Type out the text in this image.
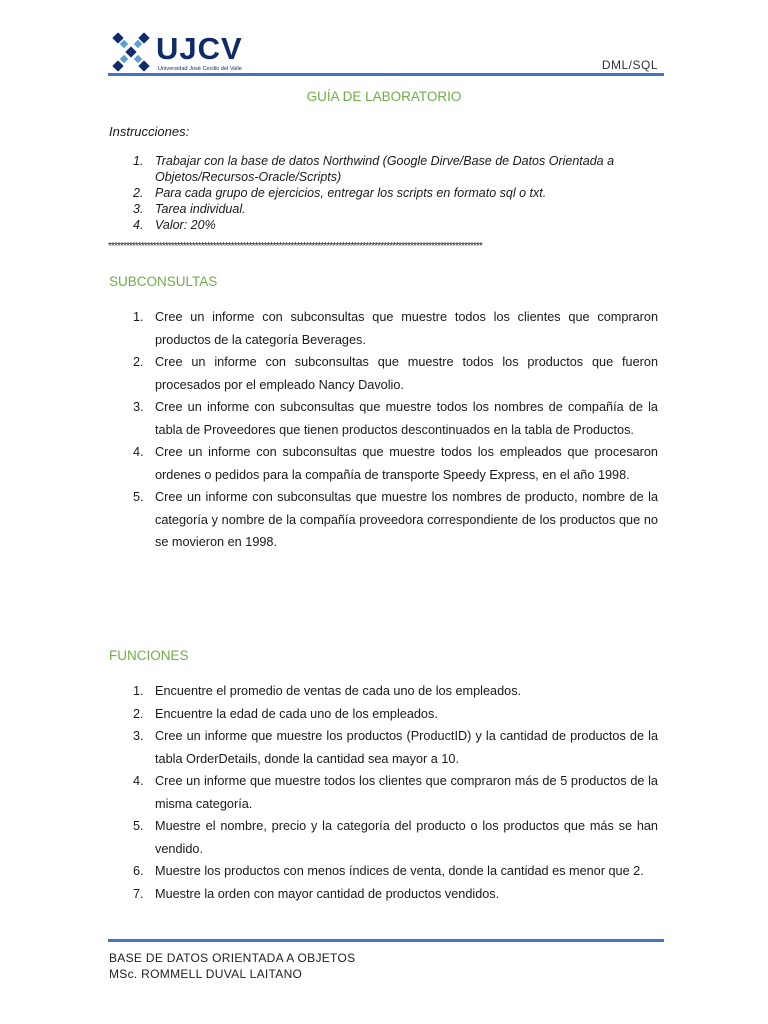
UJCV
Universidad José Cecilio del Valle	DML/SQL
GUÍA DE LABORATORIO
Instrucciones:
1. Trabajar con la base de datos Northwind (Google Dirve/Base de Datos Orientada a Objetos/Recursos-Oracle/Scripts)
2. Para cada grupo de ejercicios, entregar los scripts en formato sql o txt.
3. Tarea individual.
4. Valor: 20%
*****************************************************************************************************************************
SUBCONSULTAS
1. Cree un informe con subconsultas que muestre todos los clientes que compraron productos de la categoría Beverages.
2. Cree un informe con subconsultas que muestre todos los productos que fueron procesados por el empleado Nancy Davolio.
3. Cree un informe con subconsultas que muestre todos los nombres de compañía de la tabla de Proveedores que tienen productos descontinuados en la tabla de Productos.
4. Cree un informe con subconsultas que muestre todos los empleados que procesaron ordenes o pedidos para la compañía de transporte Speedy Express, en el año 1998.
5. Cree un informe con subconsultas que muestre los nombres de producto, nombre de la categoría y nombre de la compañía proveedora correspondiente de los productos que no se movieron en 1998.
FUNCIONES
1. Encuentre el promedio de ventas de cada uno de los empleados.
2. Encuentre la edad de cada uno de los empleados.
3. Cree un informe que muestre los productos (ProductID) y la cantidad de productos de la tabla OrderDetails, donde la cantidad sea mayor a 10.
4. Cree un informe que muestre todos los clientes que compraron más de 5 productos de la misma categoría.
5. Muestre el nombre, precio y la categoría del producto o los productos que más se han vendido.
6. Muestre los productos con menos índices de venta, donde la cantidad es menor que 2.
7. Muestre la orden con mayor cantidad de productos vendidos.
BASE DE DATOS ORIENTADA A OBJETOS
MSc. ROMMELL DUVAL LAITANO
